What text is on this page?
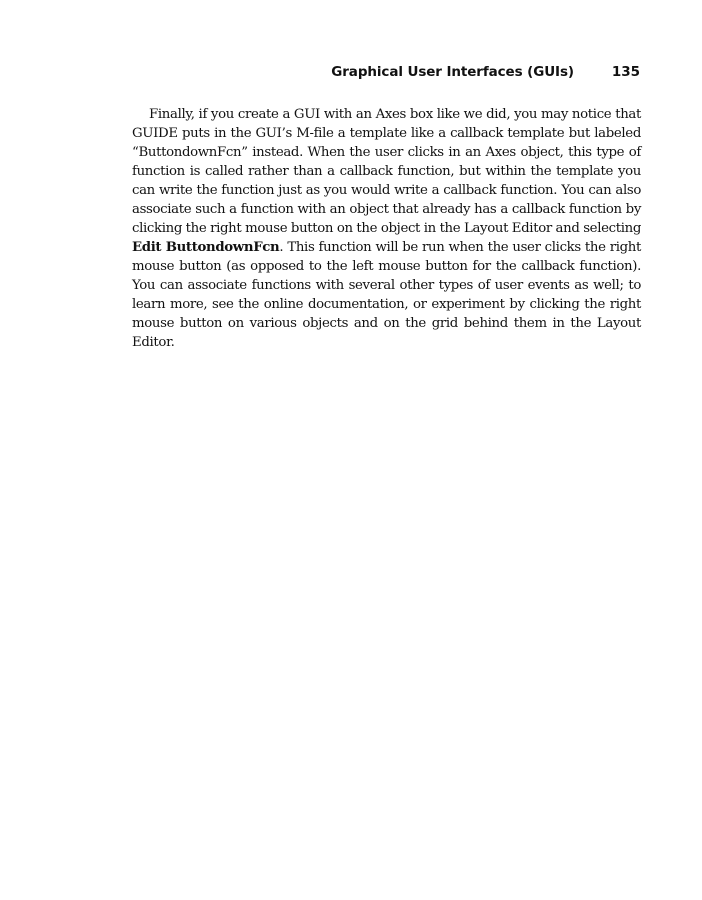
Graphical User Interfaces (GUIs)	135

Finally, if you create a GUI with an Axes box like we did, you may notice that GUIDE puts in the GUI’s M-file a template like a callback template but labeled “ButtondownFcn” instead. When the user clicks in an Axes object, this type of function is called rather than a callback function, but within the template you can write the function just as you would write a callback function. You can also associate such a function with an object that already has a callback function by clicking the right mouse button on the object in the Layout Editor and selecting Edit ButtondownFcn. This function will be run when the user clicks the right mouse button (as opposed to the left mouse button for the callback function). You can associate functions with several other types of user events as well; to learn more, see the online documentation, or experiment by clicking the right mouse button on various objects and on the grid behind them in the Layout Editor.
